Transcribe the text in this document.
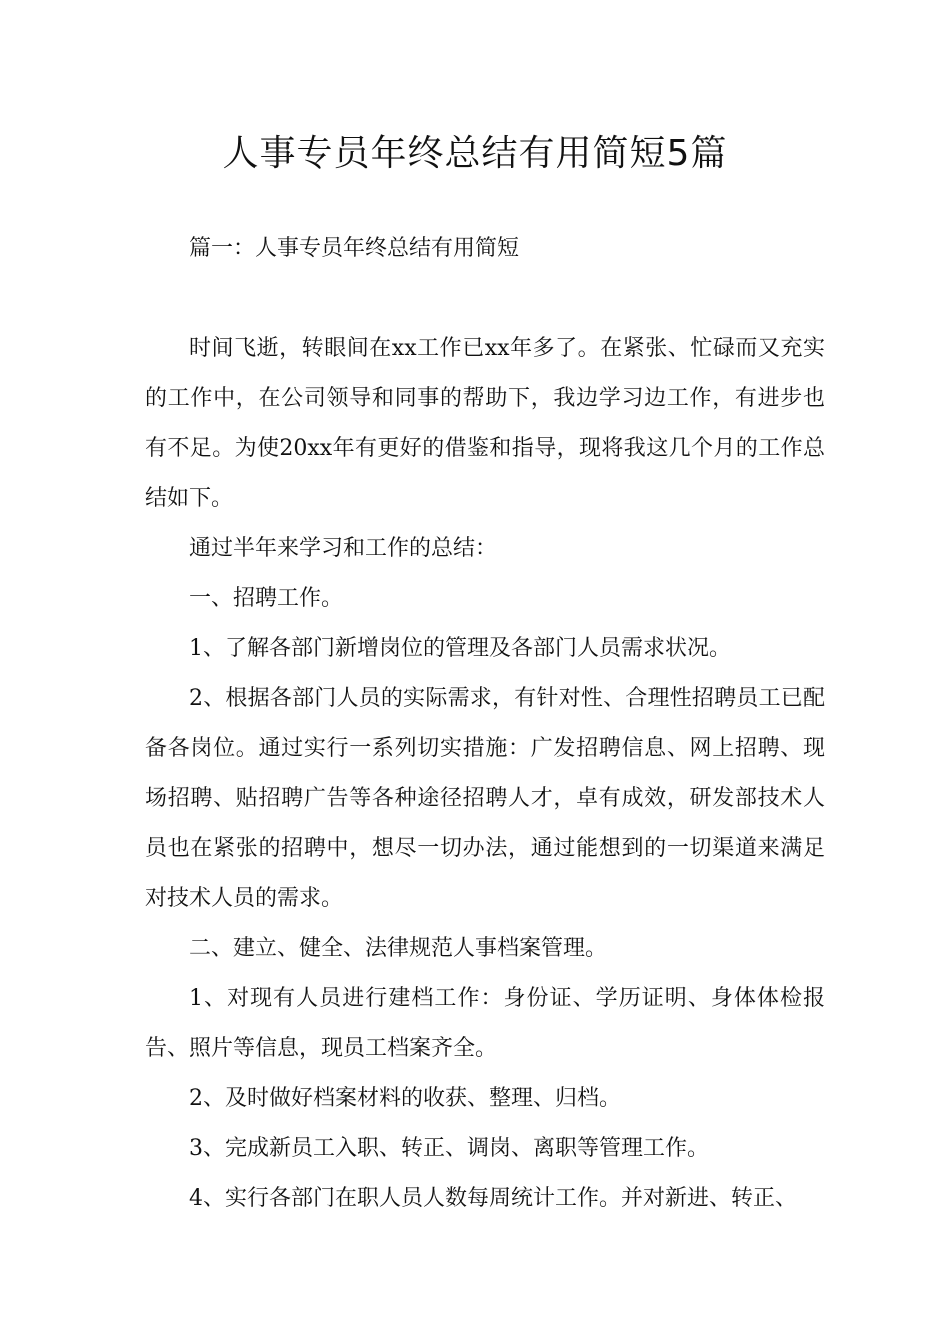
人事专员年终总结有用简短5篇

篇一：人事专员年终总结有用简短

时间飞逝，转眼间在xx工作已xx年多了。在紧张、忙碌而又充实的工作中，在公司领导和同事的帮助下，我边学习边工作，有进步也有不足。为使20xx年有更好的借鉴和指导，现将我这几个月的工作总结如下。

通过半年来学习和工作的总结：

一、招聘工作。

1、了解各部门新增岗位的管理及各部门人员需求状况。

2、根据各部门人员的实际需求，有针对性、合理性招聘员工已配备各岗位。通过实行一系列切实措施：广发招聘信息、网上招聘、现场招聘、贴招聘广告等各种途径招聘人才，卓有成效，研发部技术人员也在紧张的招聘中，想尽一切办法，通过能想到的一切渠道来满足对技术人员的需求。

二、建立、健全、法律规范人事档案管理。

1、对现有人员进行建档工作：身份证、学历证明、身体体检报告、照片等信息，现员工档案齐全。

2、及时做好档案材料的收获、整理、归档。

3、完成新员工入职、转正、调岗、离职等管理工作。

4、实行各部门在职人员人数每周统计工作。并对新进、转正、
